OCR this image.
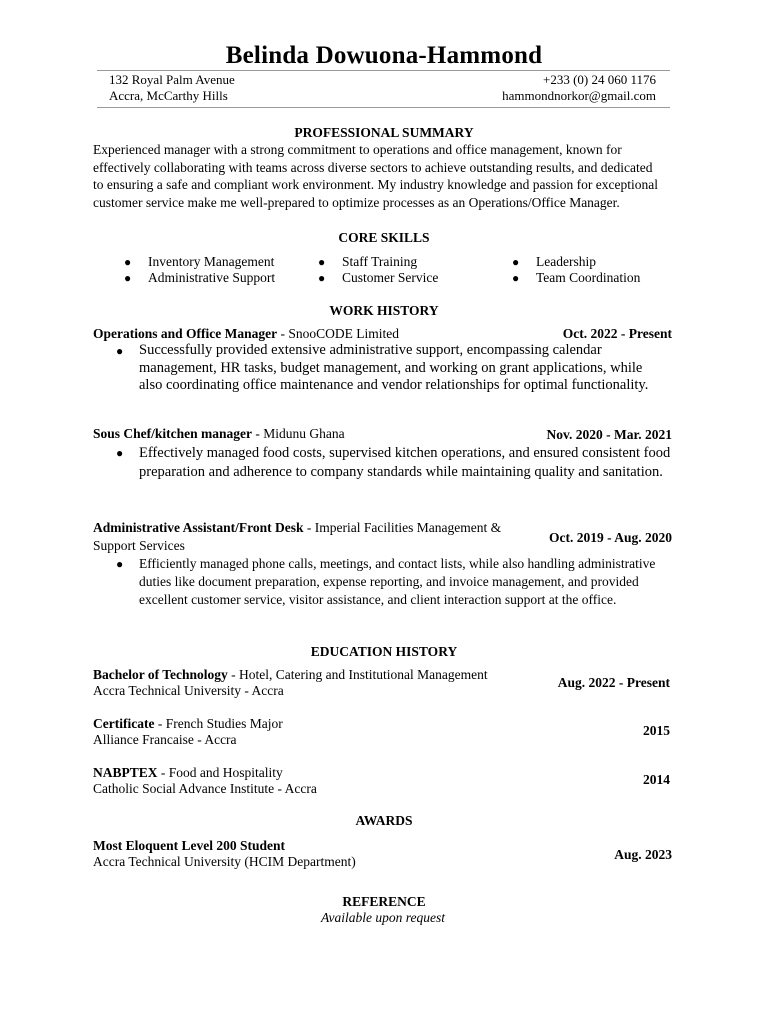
Belinda Dowuona-Hammond
132 Royal Palm Avenue
Accra, McCarthy Hills
+233 (0) 24 060 1176
hammondnorkor@gmail.com
PROFESSIONAL SUMMARY
Experienced manager with a strong commitment to operations and office management, known for effectively collaborating with teams across diverse sectors to achieve outstanding results, and dedicated to ensuring a safe and compliant work environment. My industry knowledge and passion for exceptional customer service make me well-prepared to optimize processes as an Operations/Office Manager.
CORE SKILLS
● Inventory Management
● Administrative Support
● Staff Training
● Customer Service
● Leadership
● Team Coordination
WORK HISTORY
Operations and Office Manager - SnooCODE Limited	Oct. 2022 - Present
● Successfully provided extensive administrative support, encompassing calendar management, HR tasks, budget management, and working on grant applications, while also coordinating office maintenance and vendor relationships for optimal functionality.
Sous Chef/kitchen manager - Midunu Ghana	Nov. 2020 - Mar. 2021
● Effectively managed food costs, supervised kitchen operations, and ensured consistent food preparation and adherence to company standards while maintaining quality and sanitation.
Administrative Assistant/Front Desk - Imperial Facilities Management & Support Services
Oct. 2019 - Aug. 2020
● Efficiently managed phone calls, meetings, and contact lists, while also handling administrative duties like document preparation, expense reporting, and invoice management, and provided excellent customer service, visitor assistance, and client interaction support at the office.
EDUCATION HISTORY
Bachelor of Technology - Hotel, Catering and Institutional Management
Accra Technical University - Accra
Aug. 2022 - Present
Certificate - French Studies Major
Alliance Francaise - Accra
2015
NABPTEX - Food and Hospitality
Catholic Social Advance Institute - Accra
2014
AWARDS
Most Eloquent Level 200 Student
Accra Technical University (HCIM Department)	Aug. 2023
REFERENCE
Available upon request
